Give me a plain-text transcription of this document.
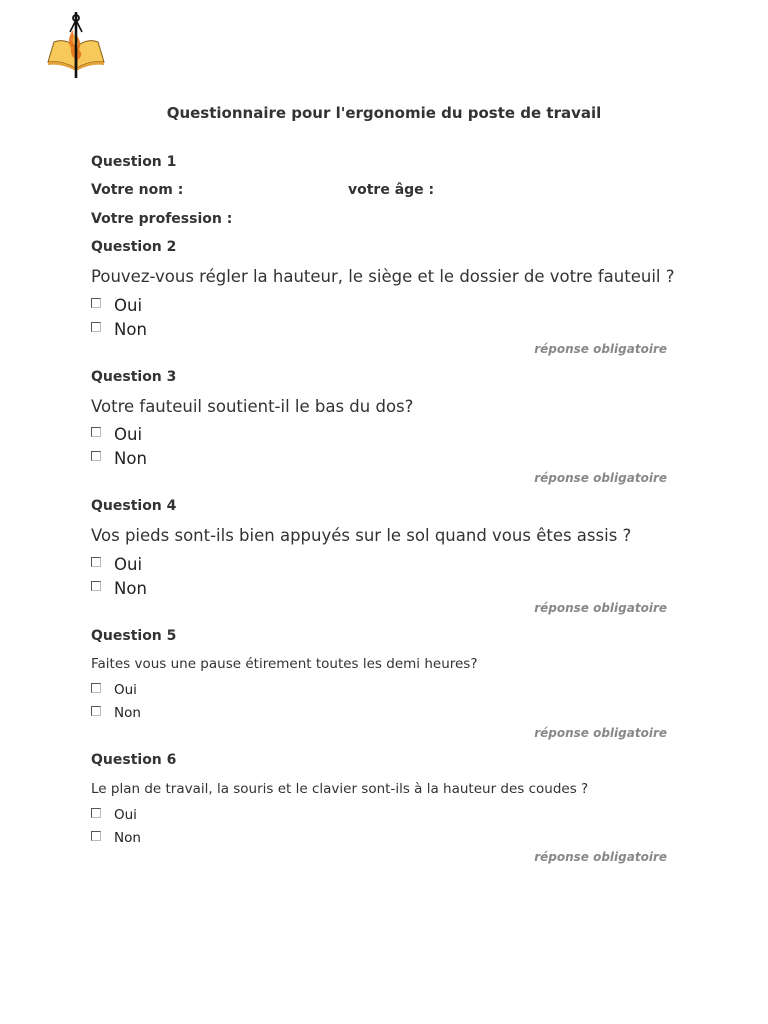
Questionnaire pour l'ergonomie du poste de travail
Question 1
Votre nom :	votre âge :
Votre profession :
Question 2
Pouvez-vous régler la hauteur, le siège et le dossier de votre fauteuil ?
Oui
Non
réponse obligatoire
Question 3
Votre fauteuil soutient-il le bas du dos?
Oui
Non
réponse obligatoire
Question 4
Vos pieds sont-ils bien appuyés sur le sol quand vous êtes assis ?
Oui
Non
réponse obligatoire
Question 5
Faites vous une pause étirement toutes les demi heures?
Oui
Non
réponse obligatoire
Question 6
Le plan de travail, la souris et le clavier sont-ils à la hauteur des coudes ?
Oui
Non
réponse obligatoire
